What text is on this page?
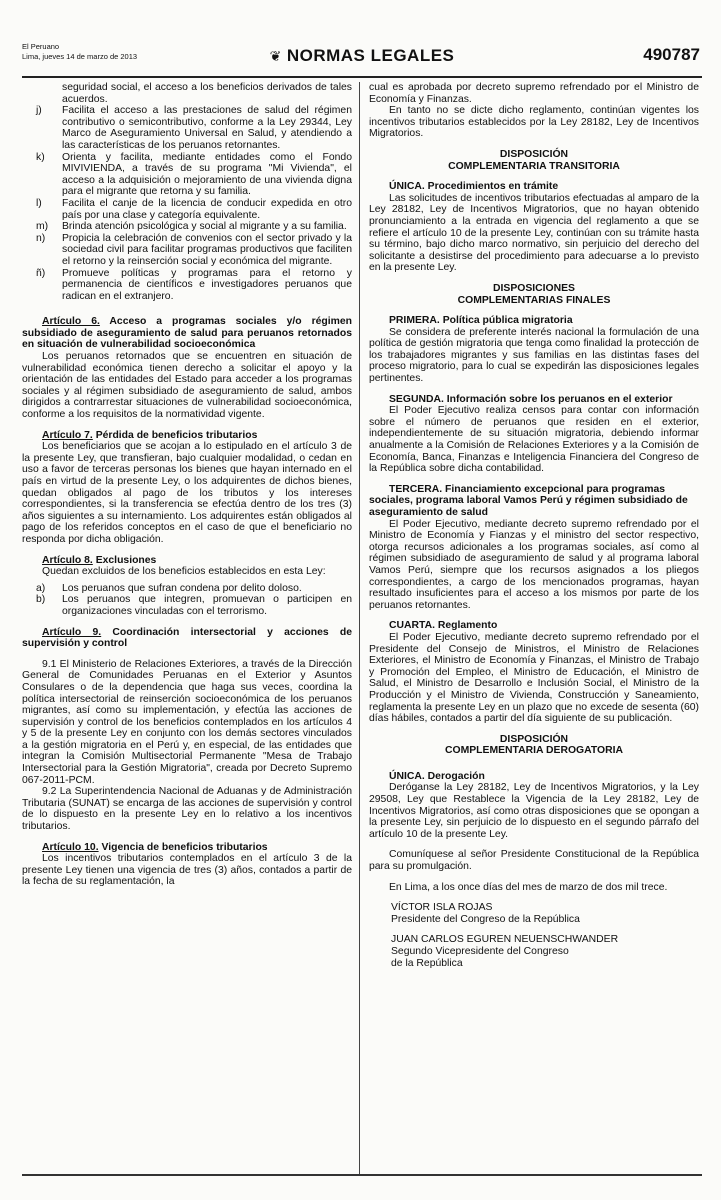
El Peruano
Lima, jueves 14 de marzo de 2013	❦ NORMAS LEGALES	490787
seguridad social, el acceso a los beneficios derivados de tales acuerdos.
j)	Facilita el acceso a las prestaciones de salud del régimen contributivo o semicontributivo, conforme a la Ley 29344, Ley Marco de Aseguramiento Universal en Salud, y atendiendo a las características de los peruanos retornantes.
k)	Orienta y facilita, mediante entidades como el Fondo MIVIVIENDA, a través de su programa "Mi Vivienda", el acceso a la adquisición o mejoramiento de una vivienda digna para el migrante que retorna y su familia.
l)	Facilita el canje de la licencia de conducir expedida en otro país por una clase y categoría equivalente.
m)	Brinda atención psicológica y social al migrante y a su familia.
n)	Propicia la celebración de convenios con el sector privado y la sociedad civil para facilitar programas productivos que faciliten el retorno y la reinserción social y económica del migrante.
ñ)	Promueve políticas y programas para el retorno y permanencia de científicos e investigadores peruanos que radican en el extranjero.
Artículo 6. Acceso a programas sociales y/o régimen subsidiado de aseguramiento de salud para peruanos retornados en situación de vulnerabilidad socioeconómica

Los peruanos retornados que se encuentren en situación de vulnerabilidad económica tienen derecho a solicitar el apoyo y la orientación de las entidades del Estado para acceder a los programas sociales y al régimen subsidiado de aseguramiento de salud, ambos dirigidos a contrarrestar situaciones de vulnerabilidad socioeconómica, conforme a los requisitos de la normatividad vigente.

Artículo 7. Pérdida de beneficios tributarios

Los beneficiarios que se acojan a lo estipulado en el artículo 3 de la presente Ley, que transfieran, bajo cualquier modalidad, o cedan en uso a favor de terceras personas los bienes que hayan internado en el país en virtud de la presente Ley, o los adquirentes de dichos bienes, quedan obligados al pago de los tributos y los intereses correspondientes, si la transferencia se efectúa dentro de los tres (3) años siguientes a su internamiento. Los adquirentes están obligados al pago de los referidos conceptos en el caso de que el beneficiario no responda por dicha obligación.

Artículo 8. Exclusiones

Quedan excluidos de los beneficios establecidos en esta Ley:

a)	Los peruanos que sufran condena por delito doloso.
b)	Los peruanos que integren, promuevan o participen en organizaciones vinculadas con el terrorismo.
Artículo 9. Coordinación intersectorial y acciones de supervisión y control

9.1 El Ministerio de Relaciones Exteriores, a través de la Dirección General de Comunidades Peruanas en el Exterior y Asuntos Consulares o de la dependencia que haga sus veces, coordina la política intersectorial de reinserción socioeconómica de los peruanos migrantes, así como su implementación, y efectúa las acciones de supervisión y control de los beneficios contemplados en los artículos 4 y 5 de la presente Ley en conjunto con los demás sectores vinculados a la gestión migratoria en el Perú y, en especial, de las entidades que integran la Comisión Multisectorial Permanente "Mesa de Trabajo Intersectorial para la Gestión Migratoria", creada por Decreto Supremo 067-2011-PCM.

9.2 La Superintendencia Nacional de Aduanas y de Administración Tributaria (SUNAT) se encarga de las acciones de supervisión y control de lo dispuesto en la presente Ley en lo relativo a los incentivos tributarios.

Artículo 10. Vigencia de beneficios tributarios

Los incentivos tributarios contemplados en el artículo 3 de la presente Ley tienen una vigencia de tres (3) años, contados a partir de la fecha de su reglamentación, la

cual es aprobada por decreto supremo refrendado por el Ministro de Economía y Finanzas.

En tanto no se dicte dicho reglamento, continúan vigentes los incentivos tributarios establecidos por la Ley 28182, Ley de Incentivos Migratorios.

DISPOSICIÓN
COMPLEMENTARIA TRANSITORIA
ÚNICA. Procedimientos en trámite

Las solicitudes de incentivos tributarios efectuadas al amparo de la Ley 28182, Ley de Incentivos Migratorios, que no hayan obtenido pronunciamiento a la entrada en vigencia del reglamento a que se refiere el artículo 10 de la presente Ley, continúan con su trámite hasta su término, bajo dicho marco normativo, sin perjuicio del derecho del solicitante a desistirse del procedimiento para adecuarse a lo previsto en la presente Ley.

DISPOSICIONES
COMPLEMENTARIAS FINALES
PRIMERA. Política pública migratoria

Se considera de preferente interés nacional la formulación de una política de gestión migratoria que tenga como finalidad la protección de los trabajadores migrantes y sus familias en las distintas fases del proceso migratorio, para lo cual se expedirán las disposiciones legales pertinentes.

SEGUNDA. Información sobre los peruanos en el exterior

El Poder Ejecutivo realiza censos para contar con información sobre el número de peruanos que residen en el exterior, independientemente de su situación migratoria, debiendo informar anualmente a la Comisión de Relaciones Exteriores y a la Comisión de Economía, Banca, Finanzas e Inteligencia Financiera del Congreso de la República sobre dicha contabilidad.

TERCERA. Financiamiento excepcional para programas sociales, programa laboral Vamos Perú y régimen subsidiado de aseguramiento de salud

El Poder Ejecutivo, mediante decreto supremo refrendado por el Ministro de Economía y Fianzas y el ministro del sector respectivo, otorga recursos adicionales a los programas sociales, así como al régimen subsidiado de aseguramiento de salud y al programa laboral Vamos Perú, siempre que los recursos asignados a los pliegos correspondientes, a cargo de los mencionados programas, hayan resultado insuficientes para el acceso a los mismos por parte de los peruanos retornantes.

CUARTA. Reglamento

El Poder Ejecutivo, mediante decreto supremo refrendado por el Presidente del Consejo de Ministros, el Ministro de Relaciones Exteriores, el Ministro de Economía y Finanzas, el Ministro de Trabajo y Promoción del Empleo, el Ministro de Educación, el Ministro de Salud, el Ministro de Desarrollo e Inclusión Social, el Ministro de la Producción y el Ministro de Vivienda, Construcción y Saneamiento, reglamenta la presente Ley en un plazo que no excede de sesenta (60) días hábiles, contados a partir del día siguiente de su publicación.

DISPOSICIÓN
COMPLEMENTARIA DEROGATORIA
ÚNICA. Derogación

Deróganse la Ley 28182, Ley de Incentivos Migratorios, y la Ley 29508, Ley que Restablece la Vigencia de la Ley 28182, Ley de Incentivos Migratorios, así como otras disposiciones que se opongan a la presente Ley, sin perjuicio de lo dispuesto en el segundo párrafo del artículo 10 de la presente Ley.

Comuníquese al señor Presidente Constitucional de la República para su promulgación.

En Lima, a los once días del mes de marzo de dos mil trece.

VÍCTOR ISLA ROJAS

Presidente del Congreso de la República

JUAN CARLOS EGUREN NEUENSCHWANDER

Segundo Vicepresidente del Congreso

de la República
